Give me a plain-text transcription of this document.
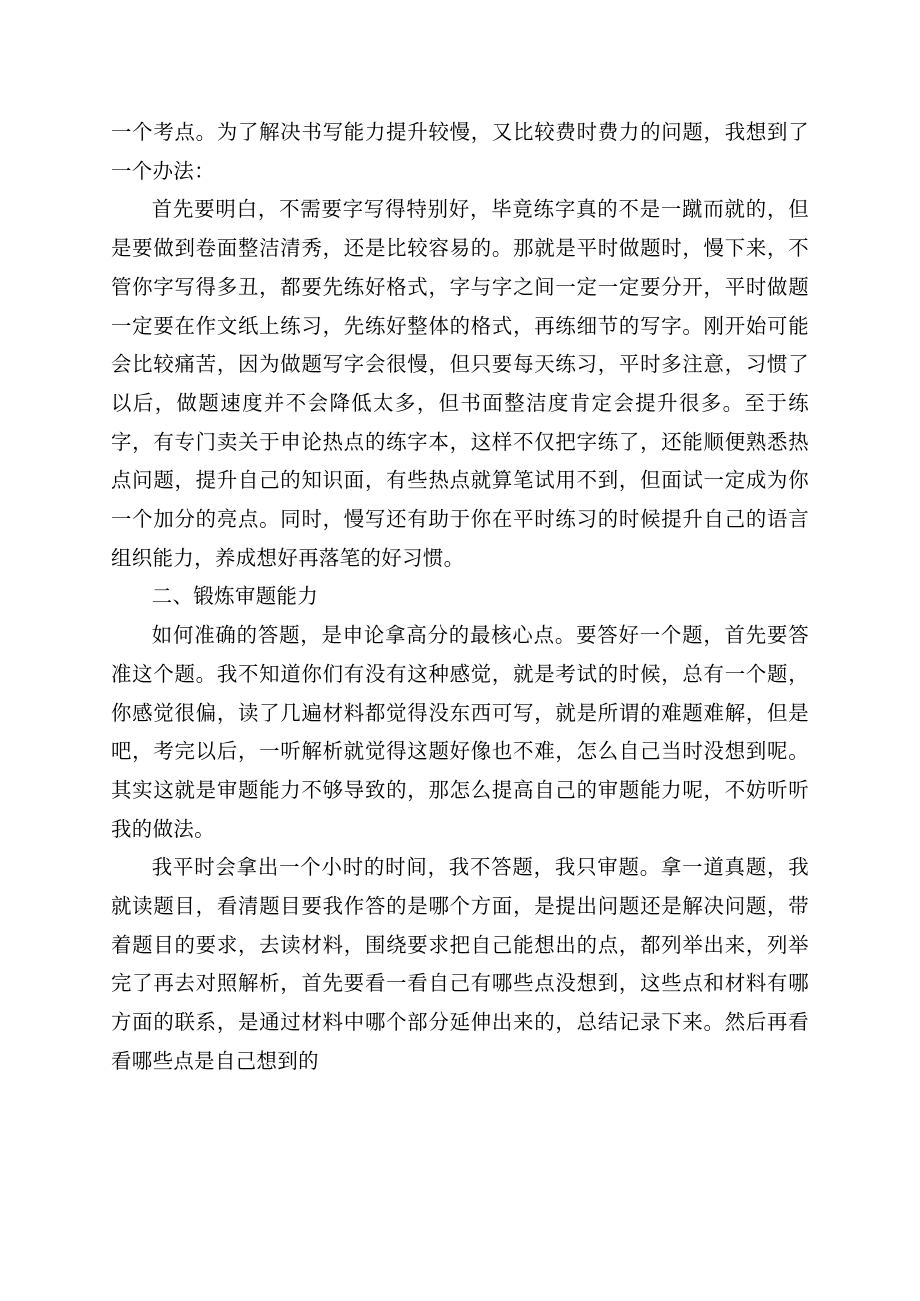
一个考点。为了解决书写能力提升较慢，又比较费时费力的问题，我想到了一个办法：

首先要明白，不需要字写得特别好，毕竟练字真的不是一蹴而就的，但是要做到卷面整洁清秀，还是比较容易的。那就是平时做题时，慢下来，不管你字写得多丑，都要先练好格式，字与字之间一定一定要分开，平时做题一定要在作文纸上练习，先练好整体的格式，再练细节的写字。刚开始可能会比较痛苦，因为做题写字会很慢，但只要每天练习，平时多注意，习惯了以后，做题速度并不会降低太多，但书面整洁度肯定会提升很多。至于练字，有专门卖关于申论热点的练字本，这样不仅把字练了，还能顺便熟悉热点问题，提升自己的知识面，有些热点就算笔试用不到，但面试一定成为你一个加分的亮点。同时，慢写还有助于你在平时练习的时候提升自己的语言组织能力，养成想好再落笔的好习惯。

二、锻炼审题能力

如何准确的答题，是申论拿高分的最核心点。要答好一个题，首先要答准这个题。我不知道你们有没有这种感觉，就是考试的时候，总有一个题，你感觉很偏，读了几遍材料都觉得没东西可写，就是所谓的难题难解，但是吧，考完以后，一听解析就觉得这题好像也不难，怎么自己当时没想到呢。其实这就是审题能力不够导致的，那怎么提高自己的审题能力呢，不妨听听我的做法。

我平时会拿出一个小时的时间，我不答题，我只审题。拿一道真题，我就读题目，看清题目要我作答的是哪个方面，是提出问题还是解决问题，带着题目的要求，去读材料，围绕要求把自己能想出的点，都列举出来，列举完了再去对照解析，首先要看一看自己有哪些点没想到，这些点和材料有哪方面的联系，是通过材料中哪个部分延伸出来的，总结记录下来。然后再看看哪些点是自己想到的
